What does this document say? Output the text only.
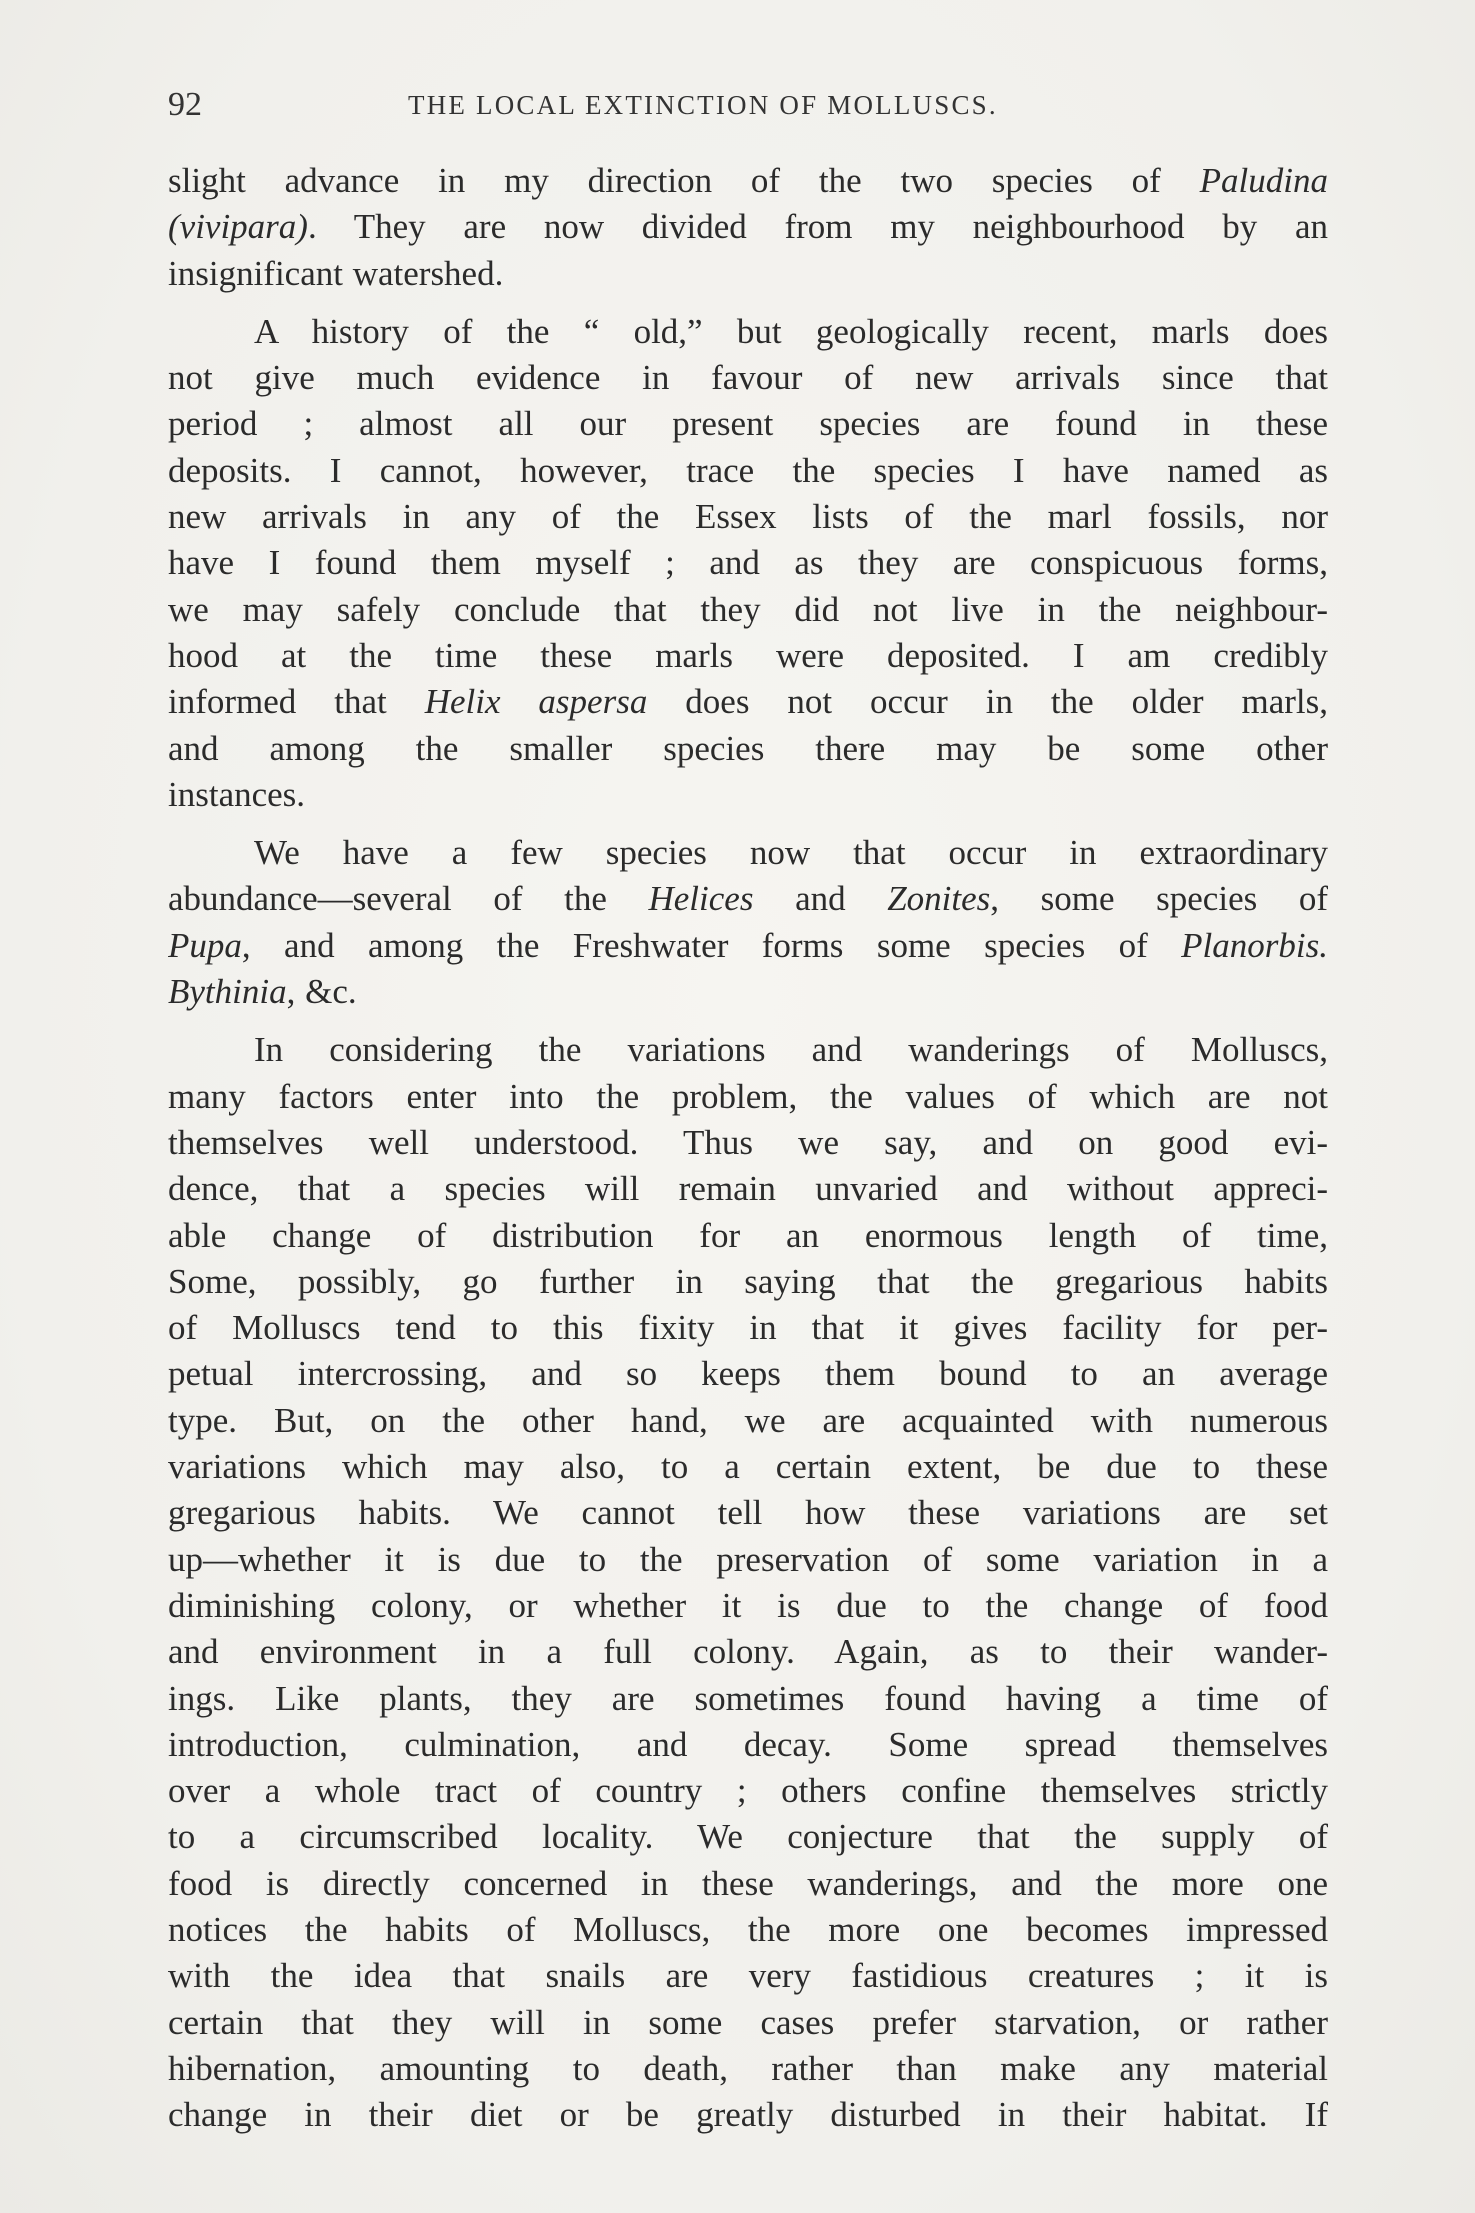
92	THE LOCAL EXTINCTION OF MOLLUSCS.
slight advance in my direction of the two species of Paludina
(vivipara). They are now divided from my neighbourhood by an
insignificant watershed.
A history of the “ old,” but geologically recent, marls does
not give much evidence in favour of new arrivals since that
period ; almost all our present species are found in these
deposits. I cannot, however, trace the species I have named as
new arrivals in any of the Essex lists of the marl fossils, nor
have I found them myself ; and as they are conspicuous forms,
we may safely conclude that they did not live in the neighbour-
hood at the time these marls were deposited. I am credibly
informed that Helix aspersa does not occur in the older marls,
and among the smaller species there may be some other
instances.
We have a few species now that occur in extraordinary
abundance—several of the Helices and Zonites, some species of
Pupa, and among the Freshwater forms some species of Planorbis.
Bythinia, &c.
In considering the variations and wanderings of Molluscs,
many factors enter into the problem, the values of which are not
themselves well understood. Thus we say, and on good evi-
dence, that a species will remain unvaried and without appreci-
able change of distribution for an enormous length of time,
Some, possibly, go further in saying that the gregarious habits
of Molluscs tend to this fixity in that it gives facility for per-
petual intercrossing, and so keeps them bound to an average
type. But, on the other hand, we are acquainted with numerous
variations which may also, to a certain extent, be due to these
gregarious habits. We cannot tell how these variations are set
up—whether it is due to the preservation of some variation in a
diminishing colony, or whether it is due to the change of food
and environment in a full colony. Again, as to their wander-
ings. Like plants, they are sometimes found having a time of
introduction, culmination, and decay. Some spread themselves
over a whole tract of country ; others confine themselves strictly
to a circumscribed locality. We conjecture that the supply of
food is directly concerned in these wanderings, and the more one
notices the habits of Molluscs, the more one becomes impressed
with the idea that snails are very fastidious creatures ; it is
certain that they will in some cases prefer starvation, or rather
hibernation, amounting to death, rather than make any material
change in their diet or be greatly disturbed in their habitat. If
